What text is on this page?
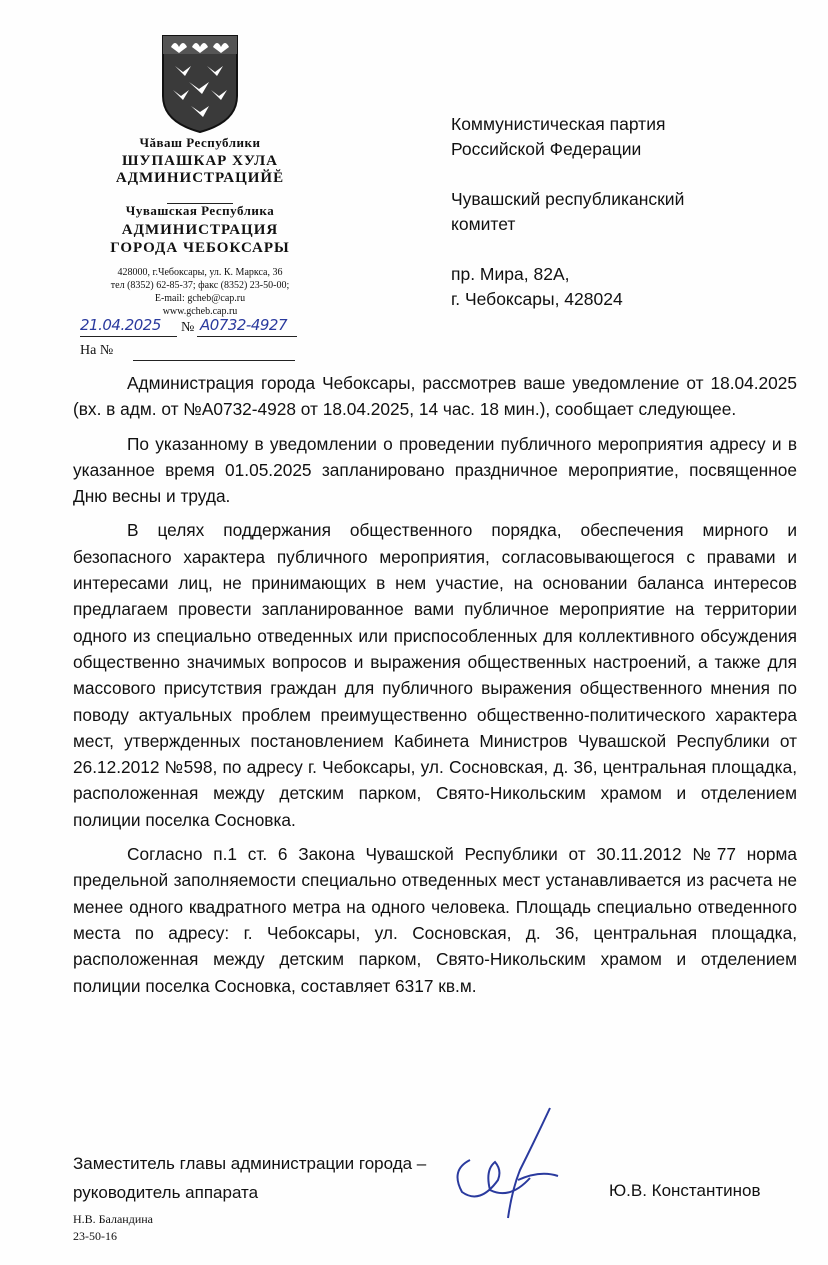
Чăваш Республики
ШУПАШКАР ХУЛА
АДМИНИСТРАЦИЙĔ
Чувашская Республика
АДМИНИСТРАЦИЯ
ГОРОДА ЧЕБОКСАРЫ
428000, г.Чебоксары, ул. К. Маркса, 36
тел (8352) 62-85-37; факс (8352) 23-50-00;
E-mail: gcheb@cap.ru
www.gcheb.cap.ru
21.04.2025 № А0732-4927
На №
Коммунистическая партия
Российской Федерации
Чувашский республиканский
комитет
пр. Мира, 82А,
г. Чебоксары, 428024

Администрация города Чебоксары, рассмотрев ваше уведомление от 18.04.2025 (вх. в адм. от №А0732-4928 от 18.04.2025, 14 час. 18 мин.), сообщает следующее.

По указанному в уведомлении о проведении публичного мероприятия адресу и в указанное время 01.05.2025 запланировано праздничное мероприятие, посвященное Дню весны и труда.

В целях поддержания общественного порядка, обеспечения мирного и безопасного характера публичного мероприятия, согласовывающегося с правами и интересами лиц, не принимающих в нем участие, на основании баланса интересов предлагаем провести запланированное вами публичное мероприятие на территории одного из специально отведенных или приспособленных для коллективного обсуждения общественно значимых вопросов и выражения общественных настроений, а также для массового присутствия граждан для публичного выражения общественного мнения по поводу актуальных проблем преимущественно общественно-политического характера мест, утвержденных постановлением Кабинета Министров Чувашской Республики от 26.12.2012 №598, по адресу г. Чебоксары, ул. Сосновская, д. 36, центральная площадка, расположенная между детским парком, Свято-Никольским храмом и отделением полиции поселка Сосновка.

Согласно п.1 ст. 6 Закона Чувашской Республики от 30.11.2012 №77 норма предельной заполняемости специально отведенных мест устанавливается из расчета не менее одного квадратного метра на одного человека. Площадь специально отведенного места по адресу: г. Чебоксары, ул. Сосновская, д. 36, центральная площадка, расположенная между детским парком, Свято-Никольским храмом и отделением полиции поселка Сосновка, составляет 6317 кв.м.

Заместитель главы администрации города –
руководитель аппарата	Ю.В. Константинов
Н.В. Баландина
23-50-16
